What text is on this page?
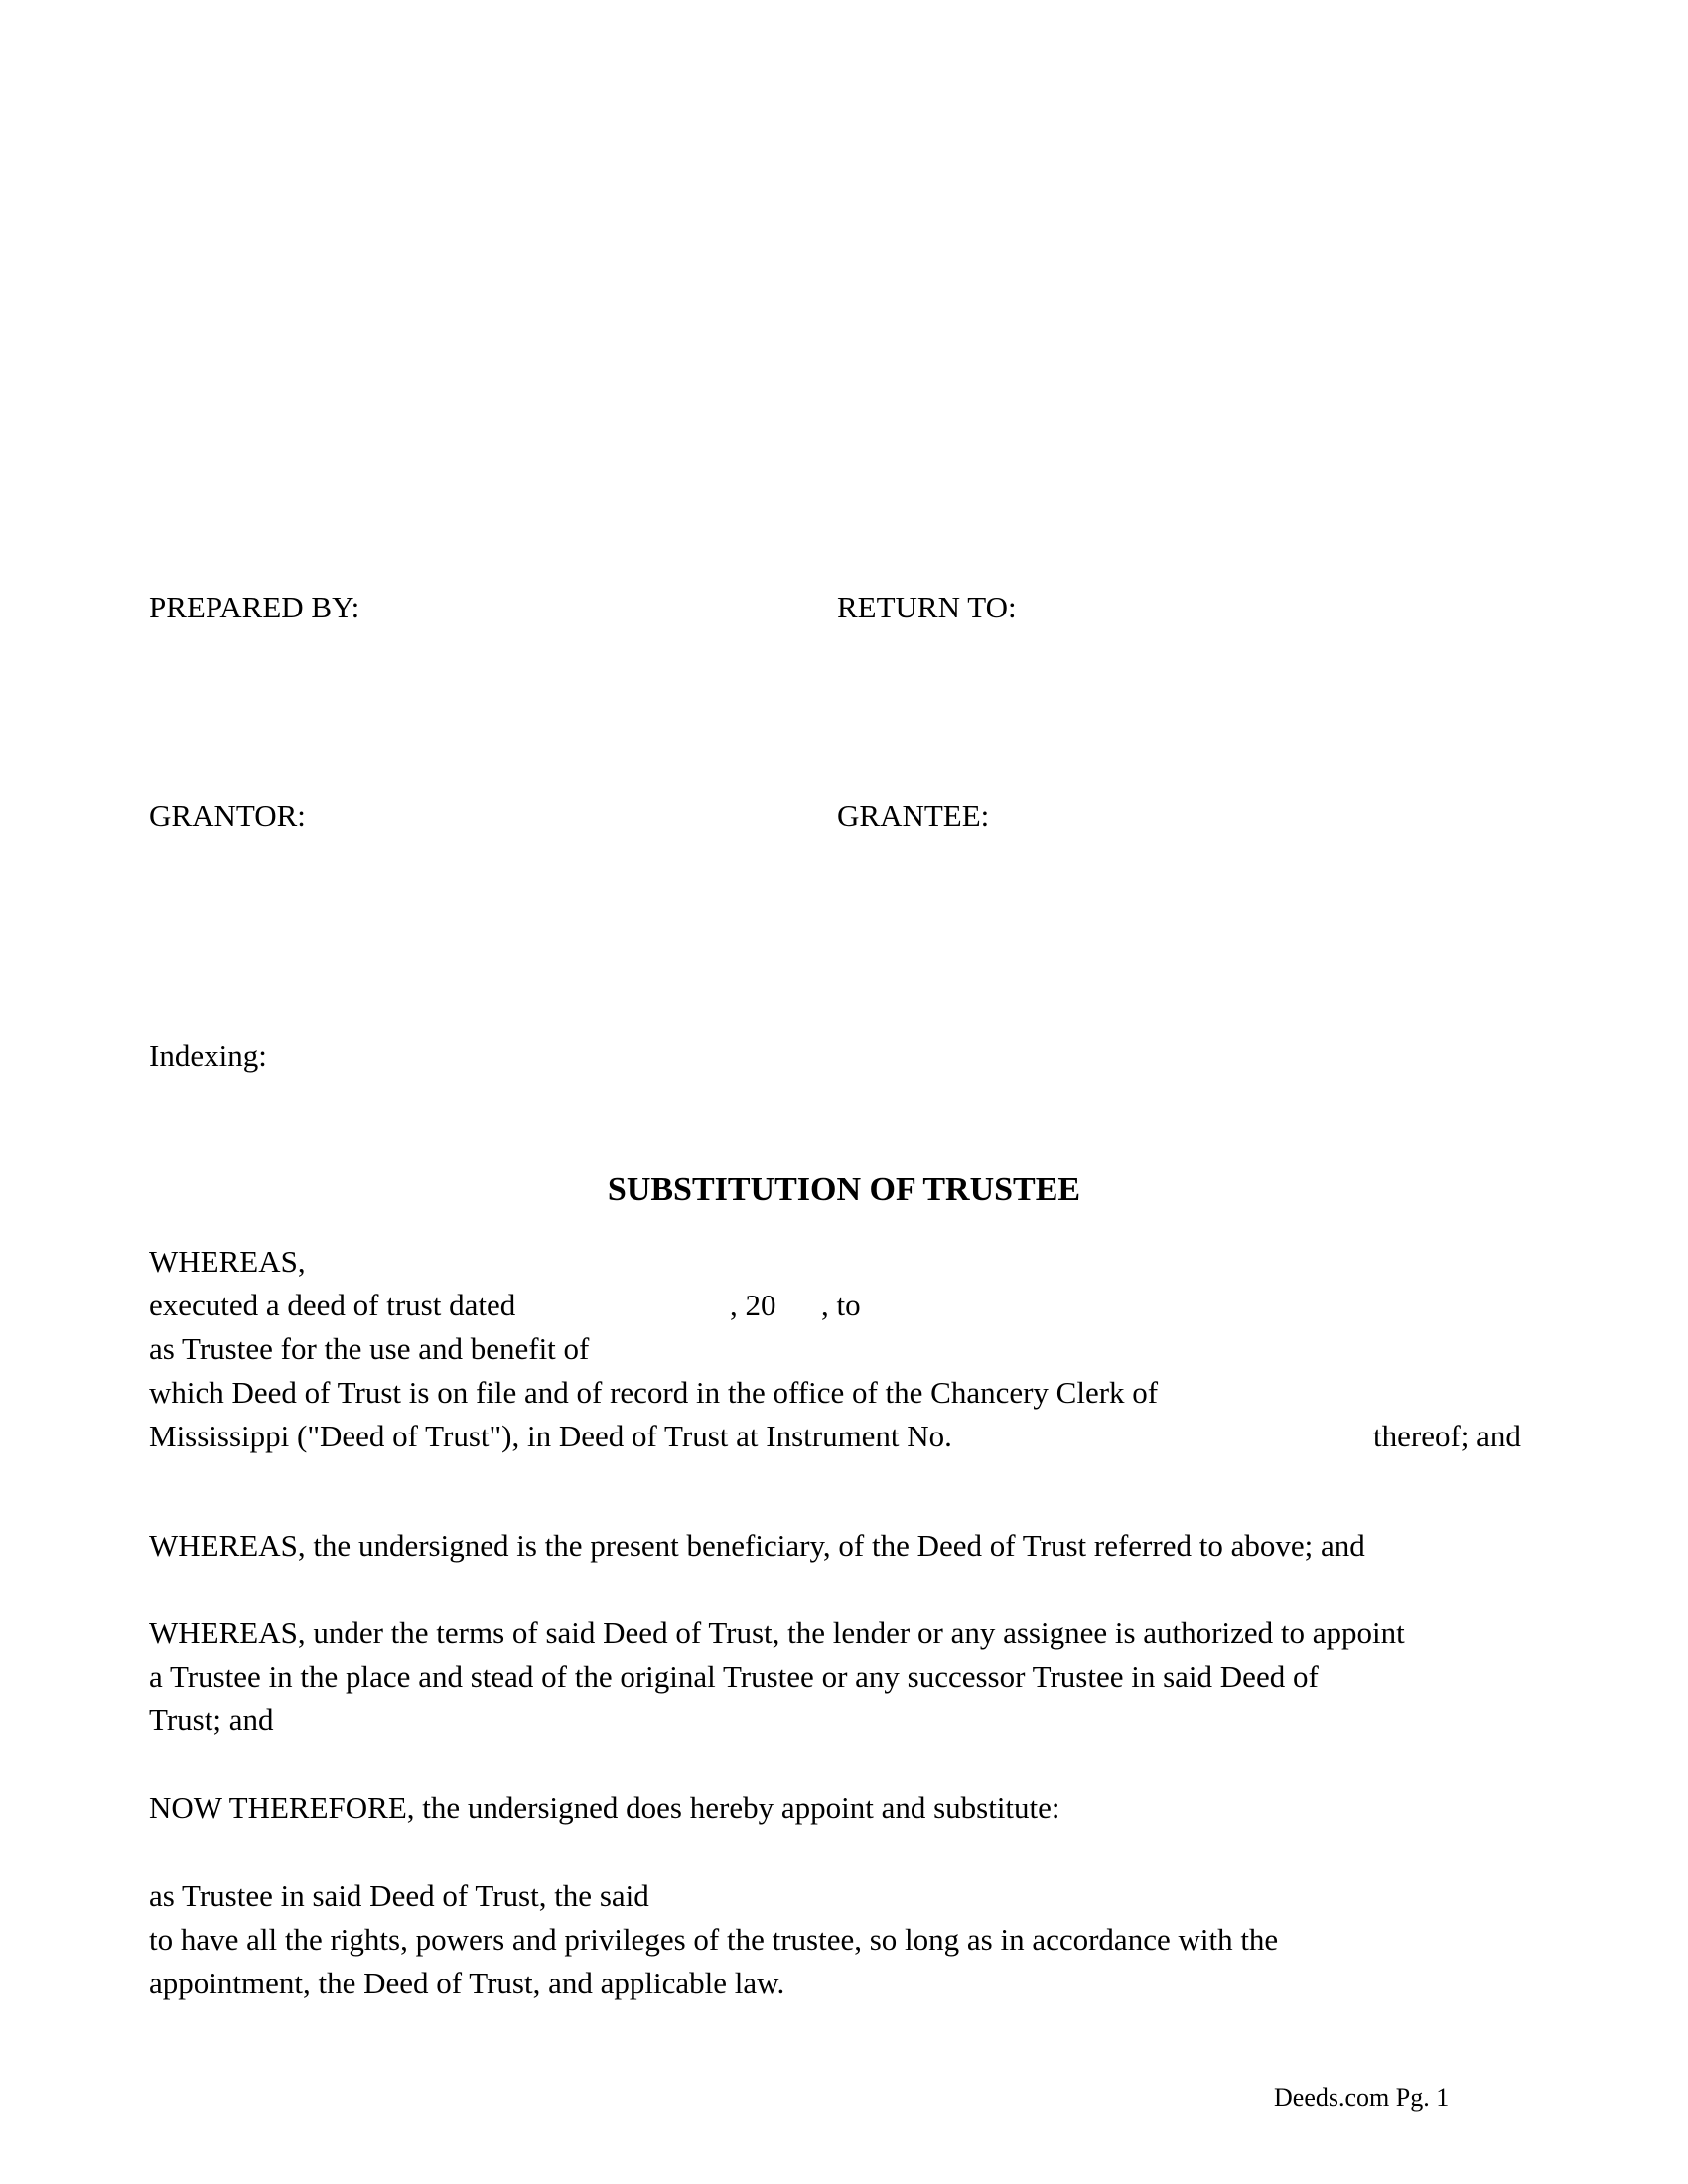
PREPARED BY:	RETURN TO:
GRANTOR:	GRANTEE:
Indexing:
SUBSTITUTION OF TRUSTEE
WHEREAS,
executed a deed of trust dated	, 20 , to
as Trustee for the use and benefit of
which Deed of Trust is on file and of record in the office of the Chancery Clerk of
Mississippi ("Deed of Trust"), in Deed of Trust at Instrument No.	thereof; and
WHEREAS, the undersigned is the present beneficiary, of the Deed of Trust referred to above; and
WHEREAS, under the terms of said Deed of Trust, the lender or any assignee is authorized to appoint
a Trustee in the place and stead of the original Trustee or any successor Trustee in said Deed of
Trust; and
NOW THEREFORE, the undersigned does hereby appoint and substitute:
as Trustee in said Deed of Trust, the said
to have all the rights, powers and privileges of the trustee, so long as in accordance with the
appointment, the Deed of Trust, and applicable law.
Deeds.com Pg. 1
